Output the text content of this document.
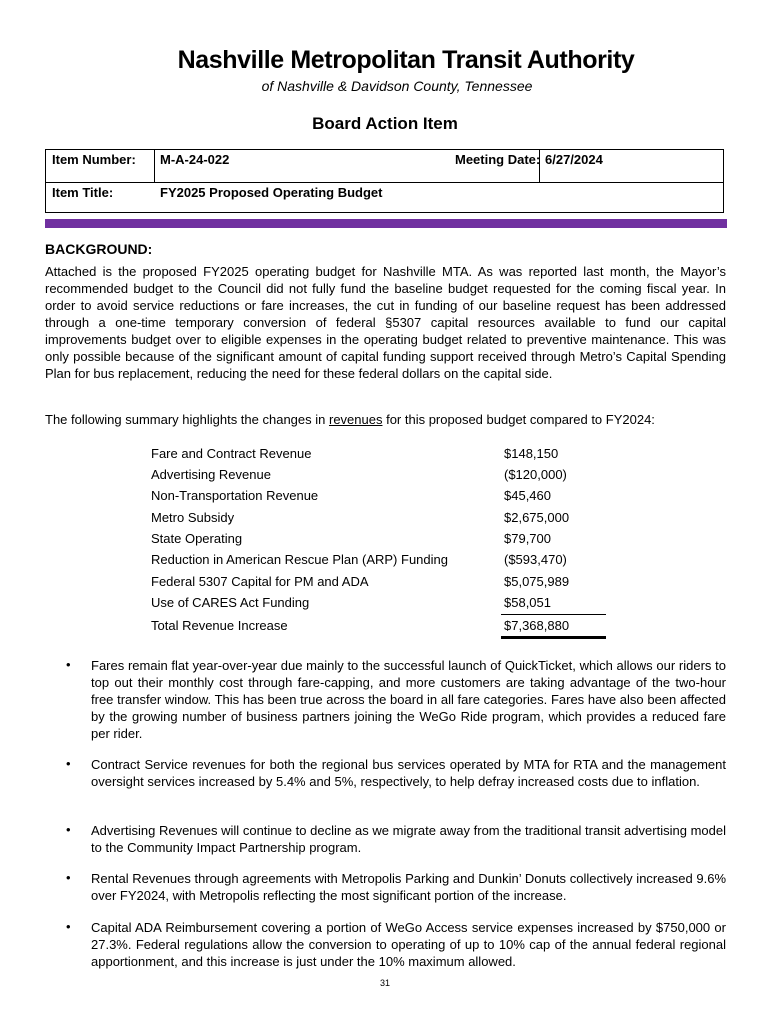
Nashville Metropolitan Transit Authority
of Nashville & Davidson County, Tennessee
Board Action Item
Item Number: M-A-24-022	Meeting Date: 6/27/2024
Item Title:	FY2025 Proposed Operating Budget
BACKGROUND:
Attached is the proposed FY2025 operating budget for Nashville MTA. As was reported last month, the Mayor’s recommended budget to the Council did not fully fund the baseline budget requested for the coming fiscal year. In order to avoid service reductions or fare increases, the cut in funding of our baseline request has been addressed through a one-time temporary conversion of federal §5307 capital resources available to fund our capital improvements budget over to eligible expenses in the operating budget related to preventive maintenance. This was only possible because of the significant amount of capital funding support received through Metro’s Capital Spending Plan for bus replacement, reducing the need for these federal dollars on the capital side.
The following summary highlights the changes in revenues for this proposed budget compared to FY2024:
Fare and Contract Revenue	$148,150
Advertising Revenue	($120,000)
Non-Transportation Revenue	$45,460
Metro Subsidy	$2,675,000
State Operating	$79,700
Reduction in American Rescue Plan (ARP) Funding	($593,470)
Federal 5307 Capital for PM and ADA	$5,075,989
Use of CARES Act Funding	$58,051
Total Revenue Increase	$7,368,880
• Fares remain flat year-over-year due mainly to the successful launch of QuickTicket, which allows our riders to top out their monthly cost through fare-capping, and more customers are taking advantage of the two-hour free transfer window. This has been true across the board in all fare categories. Fares have also been affected by the growing number of business partners joining the WeGo Ride program, which provides a reduced fare per rider.
• Contract Service revenues for both the regional bus services operated by MTA for RTA and the management oversight services increased by 5.4% and 5%, respectively, to help defray increased costs due to inflation.
• Advertising Revenues will continue to decline as we migrate away from the traditional transit advertising model to the Community Impact Partnership program.
• Rental Revenues through agreements with Metropolis Parking and Dunkin’ Donuts collectively increased 9.6% over FY2024, with Metropolis reflecting the most significant portion of the increase.
• Capital ADA Reimbursement covering a portion of WeGo Access service expenses increased by $750,000 or 27.3%. Federal regulations allow the conversion to operating of up to 10% cap of the annual federal regional apportionment, and this increase is just under the 10% maximum allowed.
31
